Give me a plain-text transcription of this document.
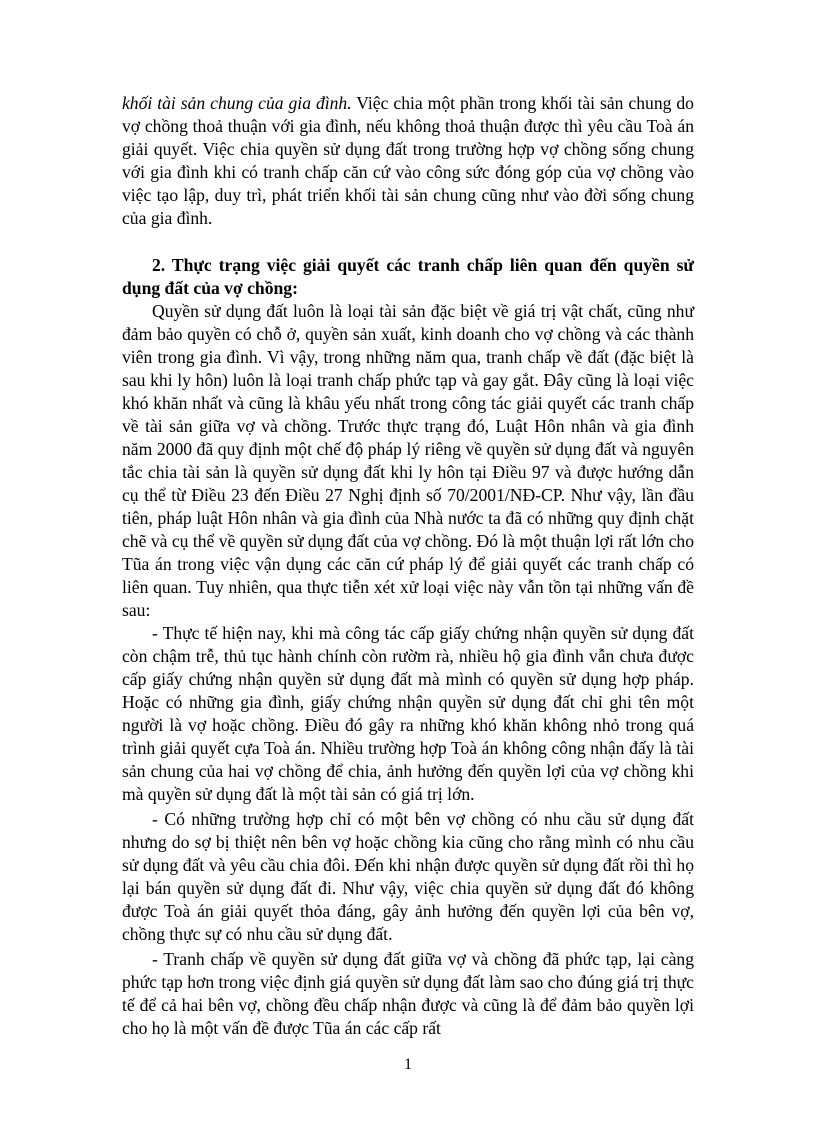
khối tài sản chung của gia đình. Việc chia một phần trong khối tài sản chung do vợ chồng thoả thuận với gia đình, nếu không thoả thuận được thì yêu cầu Toà án giải quyết. Việc chia quyền sử dụng đất trong trường hợp vợ chồng sống chung với gia đình khi có tranh chấp căn cứ vào công sức đóng góp của vợ chồng vào việc tạo lập, duy trì, phát triển khối tài sản chung cũng như vào đời sống chung của gia đình.

2. Thực trạng việc giải quyết các tranh chấp liên quan đến quyền sử dụng đất của vợ chồng:

Quyền sử dụng đất luôn là loại tài sản đặc biệt về giá trị vật chất, cũng như đảm bảo quyền có chỗ ở, quyền sản xuất, kinh doanh cho vợ chồng và các thành viên trong gia đình. Vì vậy, trong những năm qua, tranh chấp về đất (đặc biệt là sau khi ly hôn) luôn là loại tranh chấp phức tạp và gay gắt. Đây cũng là loại việc khó khăn nhất và cũng là khâu yếu nhất trong công tác giải quyết các tranh chấp về tài sản giữa vợ và chồng. Trước thực trạng đó, Luật Hôn nhân và gia đình năm 2000 đã quy định một chế độ pháp lý riêng về quyền sử dụng đất và nguyên tắc chia tài sản là quyền sử dụng đất khi ly hôn tại Điều 97 và được hướng dẫn cụ thể từ Điều 23 đến Điều 27 Nghị định số 70/2001/NĐ-CP. Như vậy, lần đầu tiên, pháp luật Hôn nhân và gia đình của Nhà nước ta đã có những quy định chặt chẽ và cụ thể về quyền sử dụng đất của vợ chồng. Đó là một thuận lợi rất lớn cho Tũa án trong việc vận dụng các căn cứ pháp lý để giải quyết các tranh chấp có liên quan. Tuy nhiên, qua thực tiễn xét xử loại việc này vẫn tồn tại những vấn đề sau:

- Thực tế hiện nay, khi mà công tác cấp giấy chứng nhận quyền sử dụng đất còn chậm trễ, thủ tục hành chính còn rườm rà, nhiều hộ gia đình vẫn chưa được cấp giấy chứng nhận quyền sử dụng đất mà mình có quyền sử dụng hợp pháp. Hoặc có những gia đình, giấy chứng nhận quyền sử dụng đất chỉ ghi tên một người là vợ hoặc chồng. Điều đó gây ra những khó khăn không nhỏ trong quá trình giải quyết cựa Toà án. Nhiều trường hợp Toà án không công nhận đấy là tài sản chung của hai vợ chồng để chia, ảnh hưởng đến quyền lợi của vợ chồng khi mà quyền sử dụng đất là một tài sản có giá trị lớn.

- Có những trường hợp chỉ có một bên vợ chồng có nhu cầu sử dụng đất nhưng do sợ bị thiệt nên bên vợ hoặc chồng kia cũng cho rằng mình có nhu cầu sử dụng đất và yêu cầu chia đôi. Đến khi nhận được quyền sử dụng đất rồi thì họ lại bán quyền sử dụng đất đi. Như vậy, việc chia quyền sử dụng đất đó không được Toà án giải quyết thỏa đáng, gây ảnh hưởng đến quyền lợi của bên vợ, chồng thực sự có nhu cầu sử dụng đất.

- Tranh chấp về quyền sử dụng đất giữa vợ và chồng đã phức tạp, lại càng phức tạp hơn trong việc định giá quyền sử dụng đất làm sao cho đúng giá trị thực tế để cả hai bên vợ, chồng đều chấp nhận được và cũng là để đảm bảo quyền lợi cho họ là một vấn đề được Tũa án các cấp rất

1
